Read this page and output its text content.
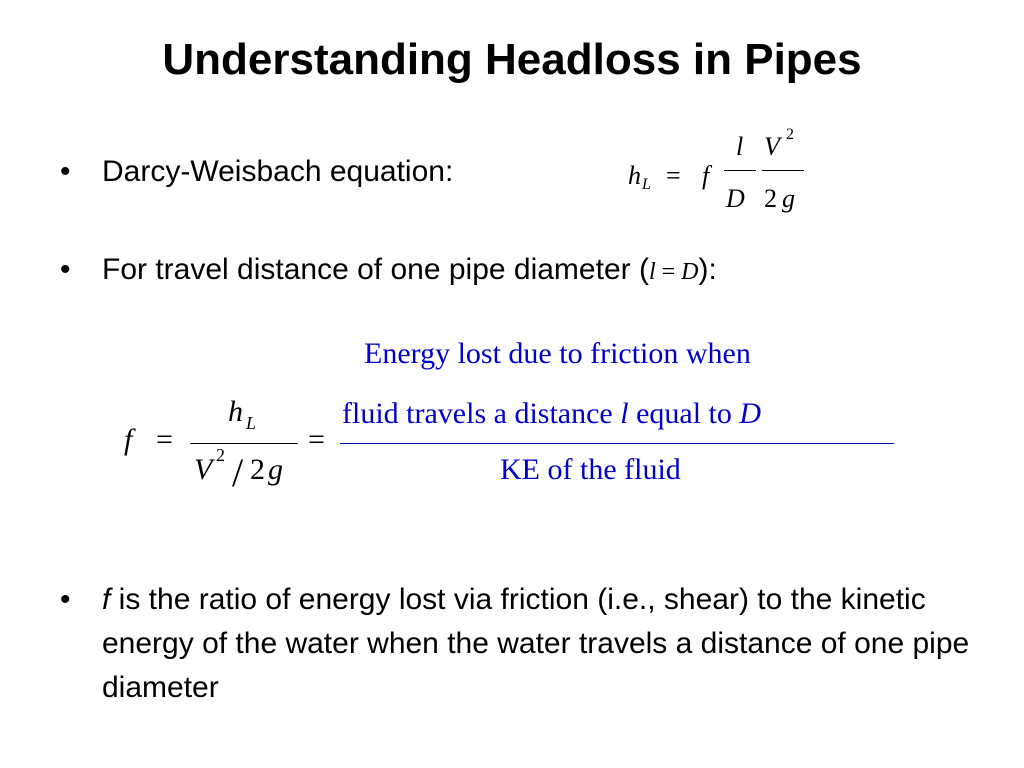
Understanding Headloss in Pipes
• Darcy-Weisbach equation:	h L = f
l
D
V 2
2 g
• For travel distance of one pipe diameter (l = D):
f =
h L
V 2 / 2 g
=
Energy lost due to friction when
fluid travels a distance l equal to D
KE of the fluid
• f is the ratio of energy lost via friction (i.e., shear) to the kinetic energy of the water when the water travels a distance of one pipe diameter
